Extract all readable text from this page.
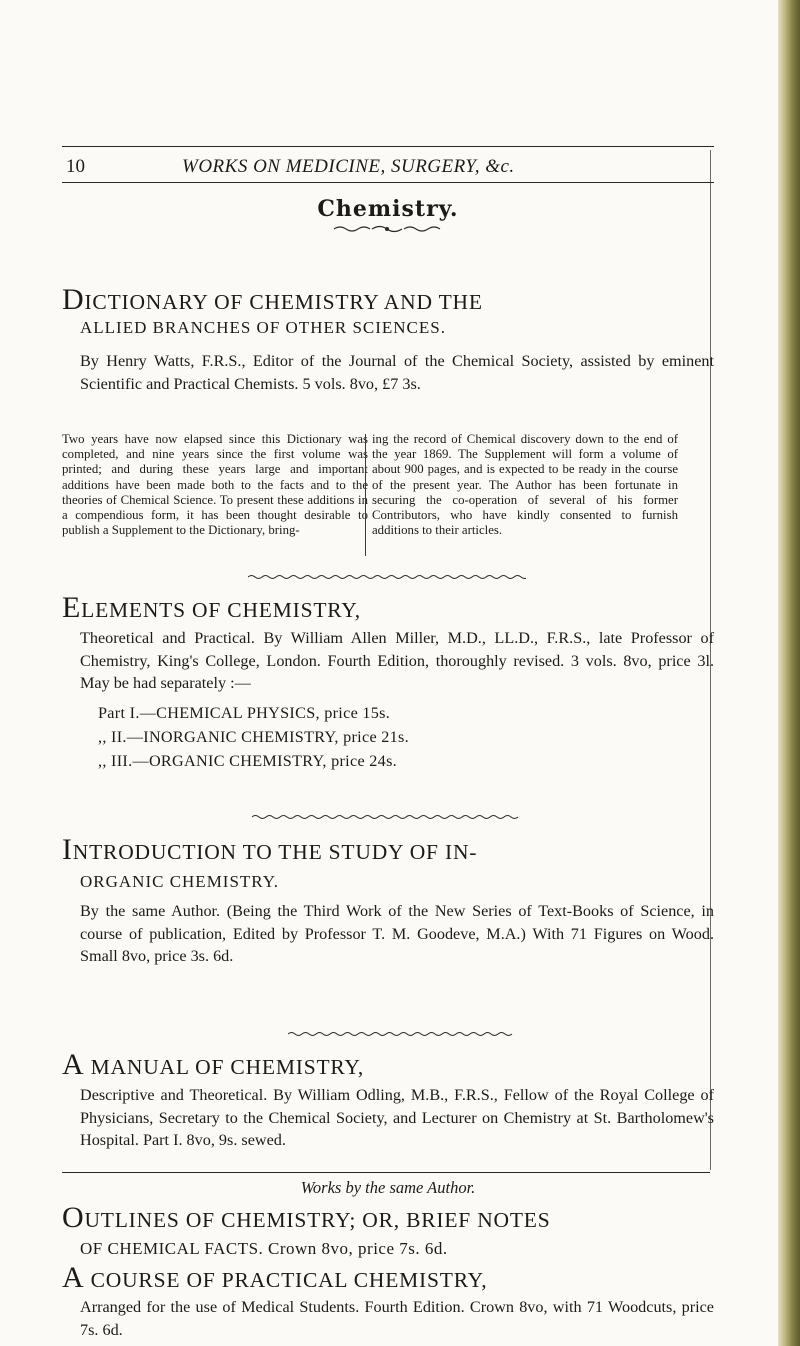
10	WORKS ON MEDICINE, SURGERY, &c.
Chemistry.

DICTIONARY OF CHEMISTRY AND THE

ALLIED BRANCHES OF OTHER SCIENCES.

By Henry Watts, F.R.S., Editor of the Journal of the Chemical Society, assisted by eminent Scientific and Practical Chemists. 5 vols. 8vo, £7 3s.

Two years have now elapsed since this Dictionary was completed, and nine years since the first volume was printed; and during these years large and important additions have been made both to the facts and to the theories of Chemical Science. To present these additions in a compendious form, it has been thought desirable to publish a Supplement to the Dictionary, bring-
ing the record of Chemical discovery down to the end of the year 1869. The Supplement will form a volume of about 900 pages, and is expected to be ready in the course of the present year. The Author has been fortunate in securing the co-operation of several of his former Contributors, who have kindly consented to furnish additions to their articles.

ELEMENTS OF CHEMISTRY,

Theoretical and Practical. By William Allen Miller, M.D., LL.D., F.R.S., late Professor of Chemistry, King's College, London. Fourth Edition, thoroughly revised. 3 vols. 8vo, price 3l. May be had separately :—

Part I.—CHEMICAL PHYSICS, price 15s.
,, II.—INORGANIC CHEMISTRY, price 21s.
,, III.—ORGANIC CHEMISTRY, price 24s.

INTRODUCTION TO THE STUDY OF IN-

ORGANIC CHEMISTRY.

By the same Author. (Being the Third Work of the New Series of Text-Books of Science, in course of publication, Edited by Professor T. M. Goodeve, M.A.) With 71 Figures on Wood. Small 8vo, price 3s. 6d.

A MANUAL OF CHEMISTRY,

Descriptive and Theoretical. By William Odling, M.B., F.R.S., Fellow of the Royal College of Physicians, Secretary to the Chemical Society, and Lecturer on Chemistry at St. Bartholomew's Hospital. Part I. 8vo, 9s. sewed.

Works by the same Author.

OUTLINES OF CHEMISTRY; OR, BRIEF NOTES

OF CHEMICAL FACTS. Crown 8vo, price 7s. 6d.

A COURSE OF PRACTICAL CHEMISTRY,

Arranged for the use of Medical Students. Fourth Edition. Crown 8vo, with 71 Woodcuts, price 7s. 6d.
